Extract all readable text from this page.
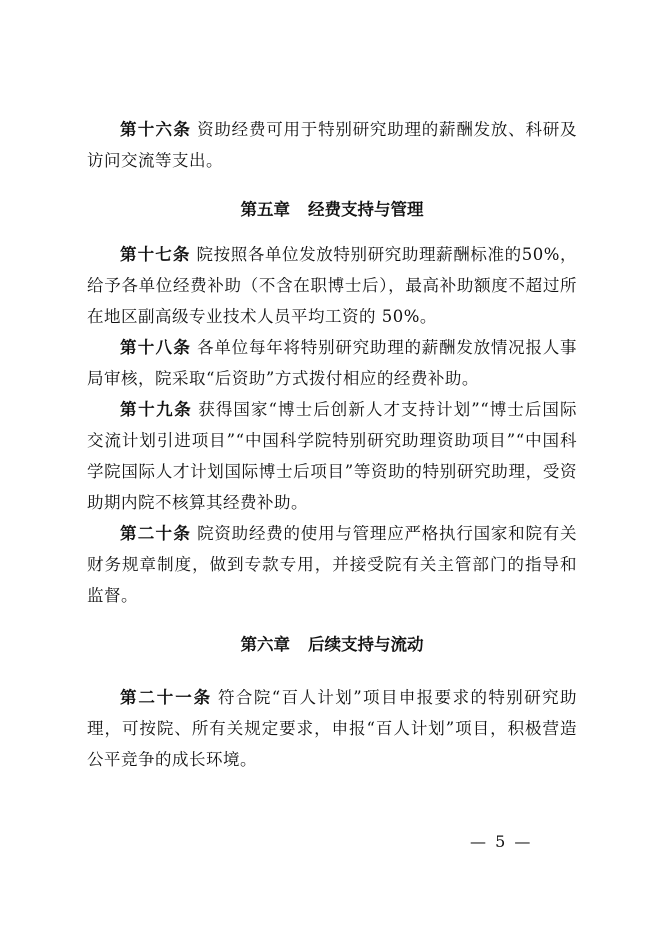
第十六条 资助经费可用于特别研究助理的薪酬发放、科研及访问交流等支出。

第五章 经费支持与管理

第十七条 院按照各单位发放特别研究助理薪酬标准的50%，给予各单位经费补助（不含在职博士后），最高补助额度不超过所在地区副高级专业技术人员平均工资的 50%。

第十八条 各单位每年将特别研究助理的薪酬发放情况报人事局审核，院采取“后资助”方式拨付相应的经费补助。

第十九条 获得国家“博士后创新人才支持计划”“博士后国际交流计划引进项目”“中国科学院特别研究助理资助项目”“中国科学院国际人才计划国际博士后项目”等资助的特别研究助理，受资助期内院不核算其经费补助。

第二十条 院资助经费的使用与管理应严格执行国家和院有关财务规章制度，做到专款专用，并接受院有关主管部门的指导和监督。

第六章 后续支持与流动

第二十一条 符合院“百人计划”项目申报要求的特别研究助理，可按院、所有关规定要求，申报“百人计划”项目，积极营造公平竞争的成长环境。

— 5 —
